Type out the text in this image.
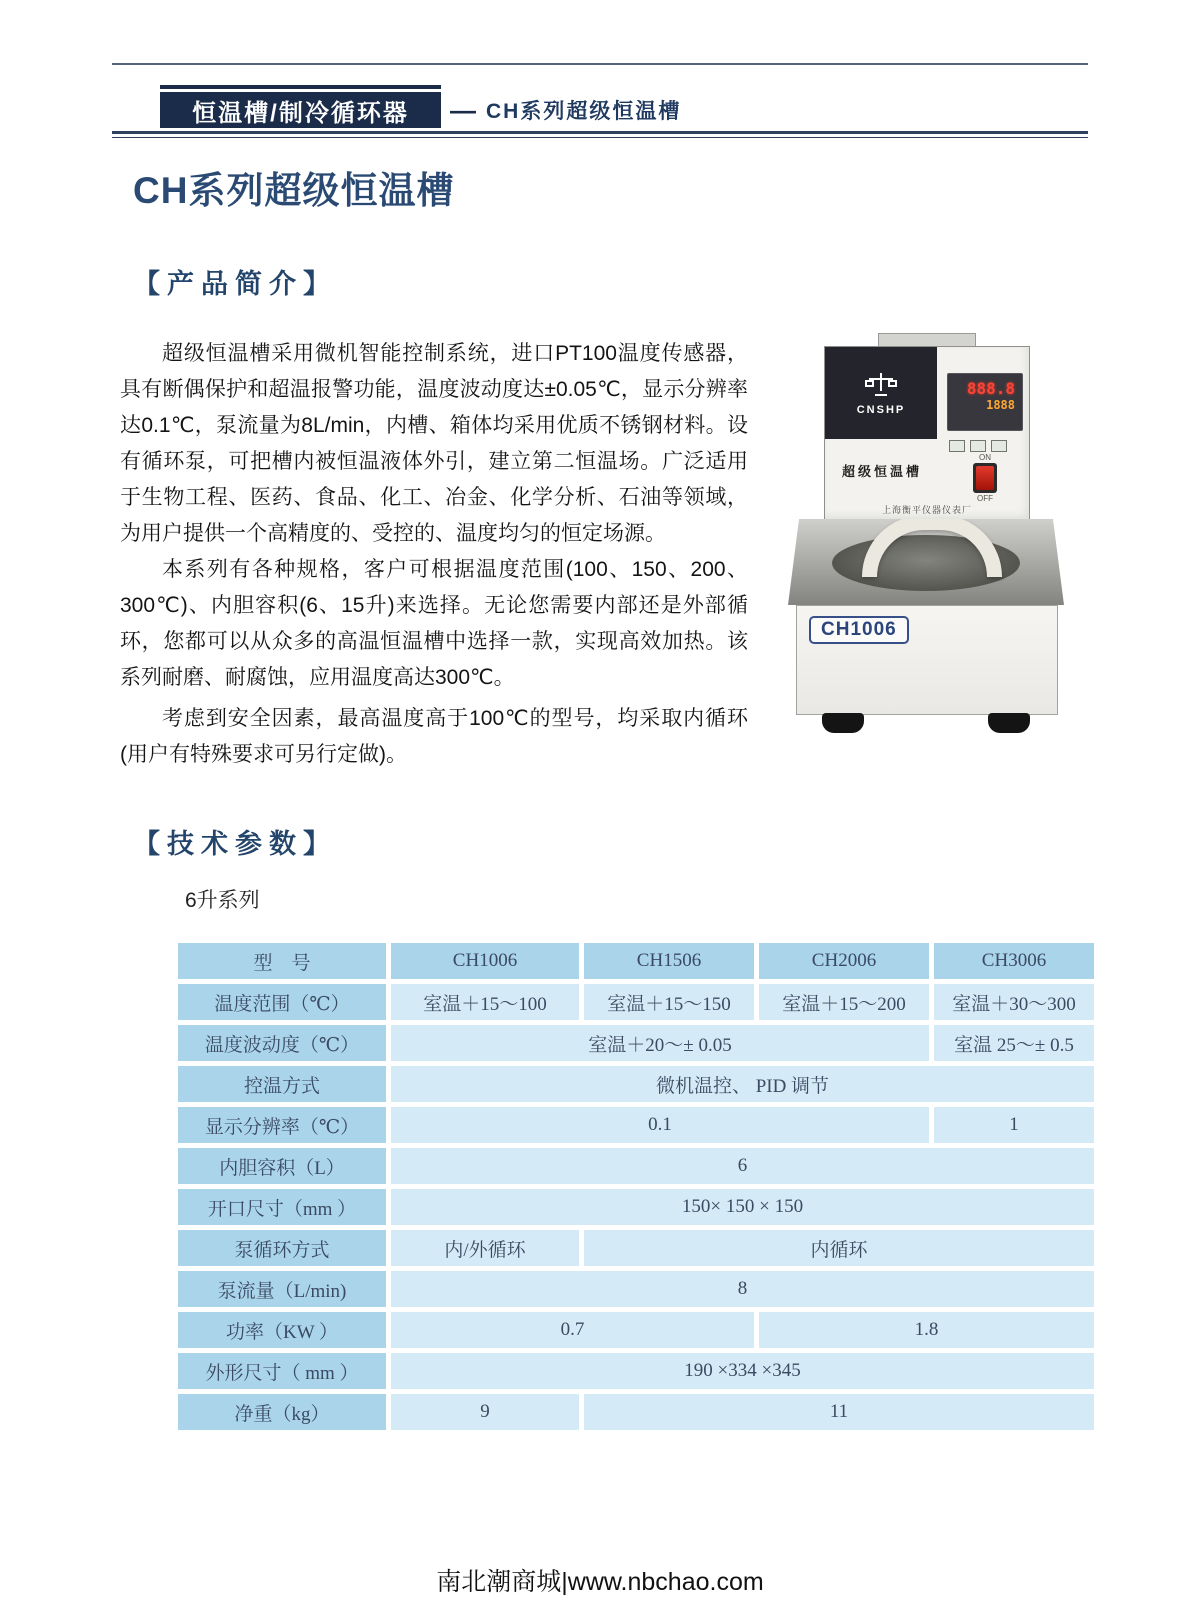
恒温槽/制冷循环器 — CH系列超级恒温槽
CH系列超级恒温槽
【产品简介】

超级恒温槽采用微机智能控制系统，进口PT100温度传感器，具有断偶保护和超温报警功能，温度波动度达±0.05℃，显示分辨率达0.1℃，泵流量为8L/min，内槽、箱体均采用优质不锈钢材料。设有循环泵，可把槽内被恒温液体外引，建立第二恒温场。广泛适用于生物工程、医药、食品、化工、冶金、化学分析、石油等领域，为用户提供一个高精度的、受控的、温度均匀的恒定场源。

本系列有各种规格，客户可根据温度范围(100、150、200、300℃)、内胆容积(6、15升)来选择。无论您需要内部还是外部循环，您都可以从众多的高温恒温槽中选择一款，实现高效加热。该系列耐磨、耐腐蚀，应用温度高达300℃。

考虑到安全因素，最高温度高于100℃的型号，均采取内循环(用户有特殊要求可另行定做)。

CNSHP
888.8
1888
超级恒温槽
ON
OFF
上海衡平仪器仪表厂
CH1006
【技术参数】
6升系列
型　号	CH1006	CH1506	CH2006	CH3006
温度范围（℃）	室温＋15～100	室温＋15～150	室温＋15～200	室温＋30～300
温度波动度（℃）	室温＋20～± 0.05			室温 25～± 0.5
控温方式	微机温控、 PID 调节			
显示分辨率（℃）	0.1			1
内胆容积（L）	6			
开口尺寸（mm ）	150× 150 × 150			
泵循环方式	内/外循环	内循环		
泵流量（L/min)	8			
功率（KW ）	0.7		1.8	
外形尺寸（ mm ）	190 ×334 ×345			
净重（kg）	9	11		
南北潮商城|www.nbchao.com
